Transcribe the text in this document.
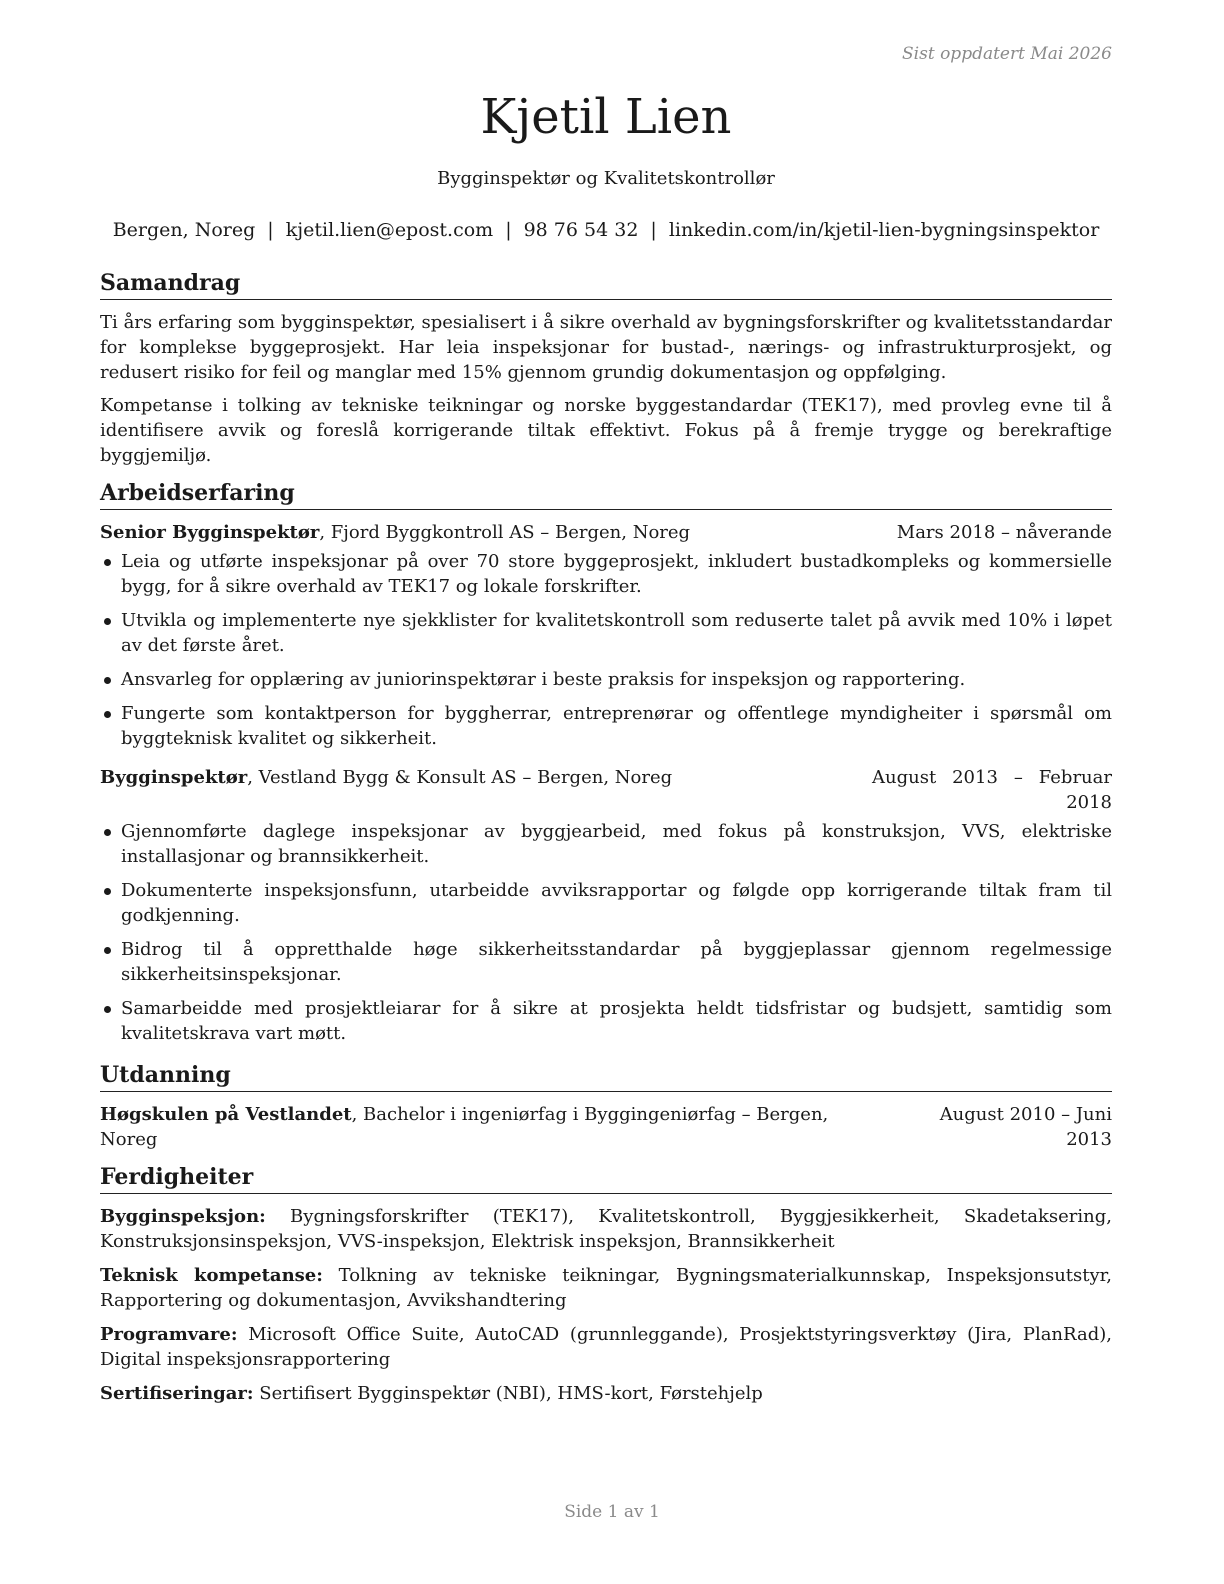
Sist oppdatert Mai 2026
Kjetil Lien
Bygginspektør og Kvalitetskontrollør
Bergen, Noreg | kjetil.lien@epost.com | 98 76 54 32 | linkedin.com/in/kjetil-lien-bygningsinspektor
Samandrag

Ti års erfaring som bygginspektør, spesialisert i å sikre overhald av bygningsforskrifter og kvalitetsstandardar for komplekse byggeprosjekt. Har leia inspeksjonar for bustad-, nærings- og infrastrukturprosjekt, og redusert risiko for feil og manglar med 15% gjennom grundig dokumentasjon og oppfølging.

Kompetanse i tolking av tekniske teikningar og norske byggestandardar (TEK17), med provleg evne til å identifisere avvik og foreslå korrigerande tiltak effektivt. Fokus på å fremje trygge og berekraftige byggjemiljø.

Arbeidserfaring
Senior Bygginspektør, Fjord Byggkontroll AS – Bergen, Noreg	Mars 2018 – nåverande
Leia og utførte inspeksjonar på over 70 store byggeprosjekt, inkludert bustadkompleks og kommersielle bygg, for å sikre overhald av TEK17 og lokale forskrifter.
Utvikla og implementerte nye sjekklister for kvalitetskontroll som reduserte talet på avvik med 10% i løpet av det første året.
Ansvarleg for opplæring av juniorinspektørar i beste praksis for inspeksjon og rapportering.
Fungerte som kontaktperson for byggherrar, entreprenørar og offentlege myndigheiter i spørsmål om byggteknisk kvalitet og sikkerheit.
Bygginspektør, Vestland Bygg & Konsult AS – Bergen, Noreg	August 2013 – Februar 2018
Gjennomførte daglege inspeksjonar av byggjearbeid, med fokus på konstruksjon, VVS, elektriske installasjonar og brannsikkerheit.
Dokumenterte inspeksjonsfunn, utarbeidde avviksrapportar og følgde opp korrigerande tiltak fram til godkjenning.
Bidrog til å oppretthalde høge sikkerheitsstandardar på byggjeplassar gjennom regelmessige sikkerheitsinspeksjonar.
Samarbeidde med prosjektleiarar for å sikre at prosjekta heldt tidsfristar og budsjett, samtidig som kvalitetskrava vart møtt.
Utdanning
Høgskulen på Vestlandet, Bachelor i ingeniørfag i Byggingeniørfag – Bergen, Noreg
August 2010 – Juni 2013
Ferdigheiter

Bygginspeksjon: Bygningsforskrifter (TEK17), Kvalitetskontroll, Byggjesikkerheit, Skadetaksering, Konstruksjonsinspeksjon, VVS-inspeksjon, Elektrisk inspeksjon, Brannsikkerheit

Teknisk kompetanse: Tolkning av tekniske teikningar, Bygningsmaterialkunnskap, Inspeksjonsutstyr, Rapportering og dokumentasjon, Avvikshandtering

Programvare: Microsoft Office Suite, AutoCAD (grunnleggande), Prosjektstyringsverktøy (Jira, PlanRad), Digital inspeksjonsrapportering

Sertifiseringar: Sertifisert Bygginspektør (NBI), HMS-kort, Førstehjelp

Side 1 av 1
